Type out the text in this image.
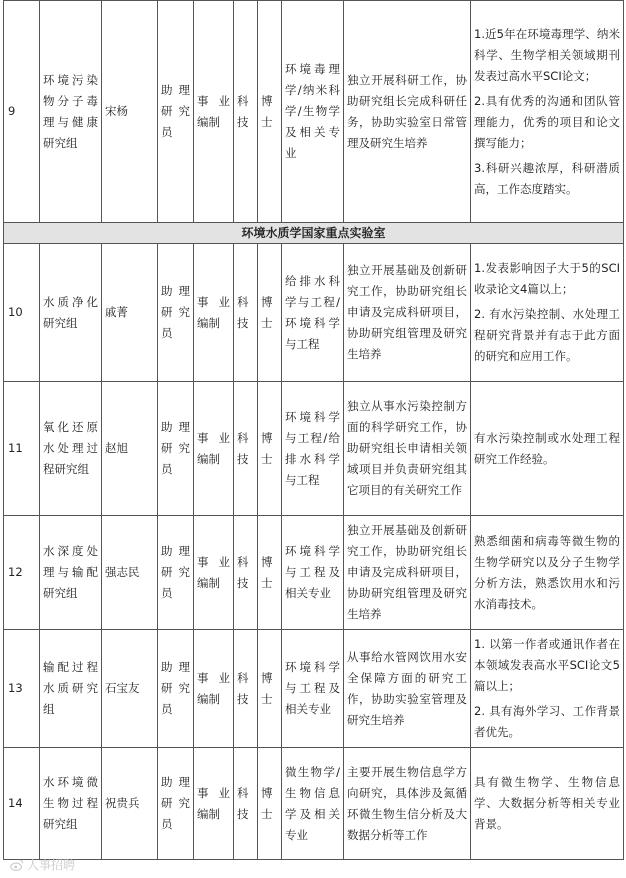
9	环境污染物分子毒理与健康研究组	宋杨	助理研究员	事业编制	科技	博士	环境毒理学/纳米科学/生物学及相关专业	独立开展科研工作，协助研究组长完成科研任务，协助实验室日常管理及研究生培养	1.近5年在环境毒理学、纳米科学、生物学相关领域期刊发表过高水平SCI论文；

2.具有优秀的沟通和团队管理能力，优秀的项目和论文撰写能力；

3.科研兴趣浓厚，科研潜质高，工作态度踏实。

环境水质学国家重点实验室									
10	水质净化研究组	戚菁	助理研究员	事业编制	科技	博士	给排水科学与工程/环境科学与工程	独立开展基础及创新研究工作，协助研究组长申请及完成科研项目，协助研究组管理及研究生培养	1.发表影响因子大于5的SCI收录论文4篇以上；

2. 有水污染控制、水处理工程研究背景并有志于此方面的研究和应用工作。

11	氧化还原水处理过程研究组	赵旭	助理研究员	事业编制	科技	博士	环境科学与工程/给排水科学与工程	独立从事水污染控制方面的科学研究工作，协助研究组长申请相关领域项目并负责研究组其它项目的有关研究工作	有水污染控制或水处理工程研究工作经验。

12	水深度处理与输配研究组	强志民	助理研究员	事业编制	科技	博士	环境科学与工程及相关专业	独立开展基础及创新研究工作，协助研究组长申请及完成科研项目，协助研究组管理及研究生培养	熟悉细菌和病毒等微生物的生物学研究以及分子生物学分析方法，熟悉饮用水和污水消毒技术。

13	输配过程水质研究组	石宝友	助理研究员	事业编制	科技	博士	环境科学与工程及相关专业	从事给水管网饮用水安全保障方面的研究工作，协助实验室管理及研究生培养	1. 以第一作者或通讯作者在本领域发表高水平SCI论文5篇以上；

2. 具有海外学习、工作背景者优先。

14	水环境微生物过程研究组	祝贵兵	助理研究员	事业编制	科技	博士	微生物学/生物信息学及相关专业	主要开展生物信息学方向研究，具体涉及氮循环微生物生信分析及大数据分析等工作	具有微生物学、生物信息学、大数据分析等相关专业背景。

人事招聘
